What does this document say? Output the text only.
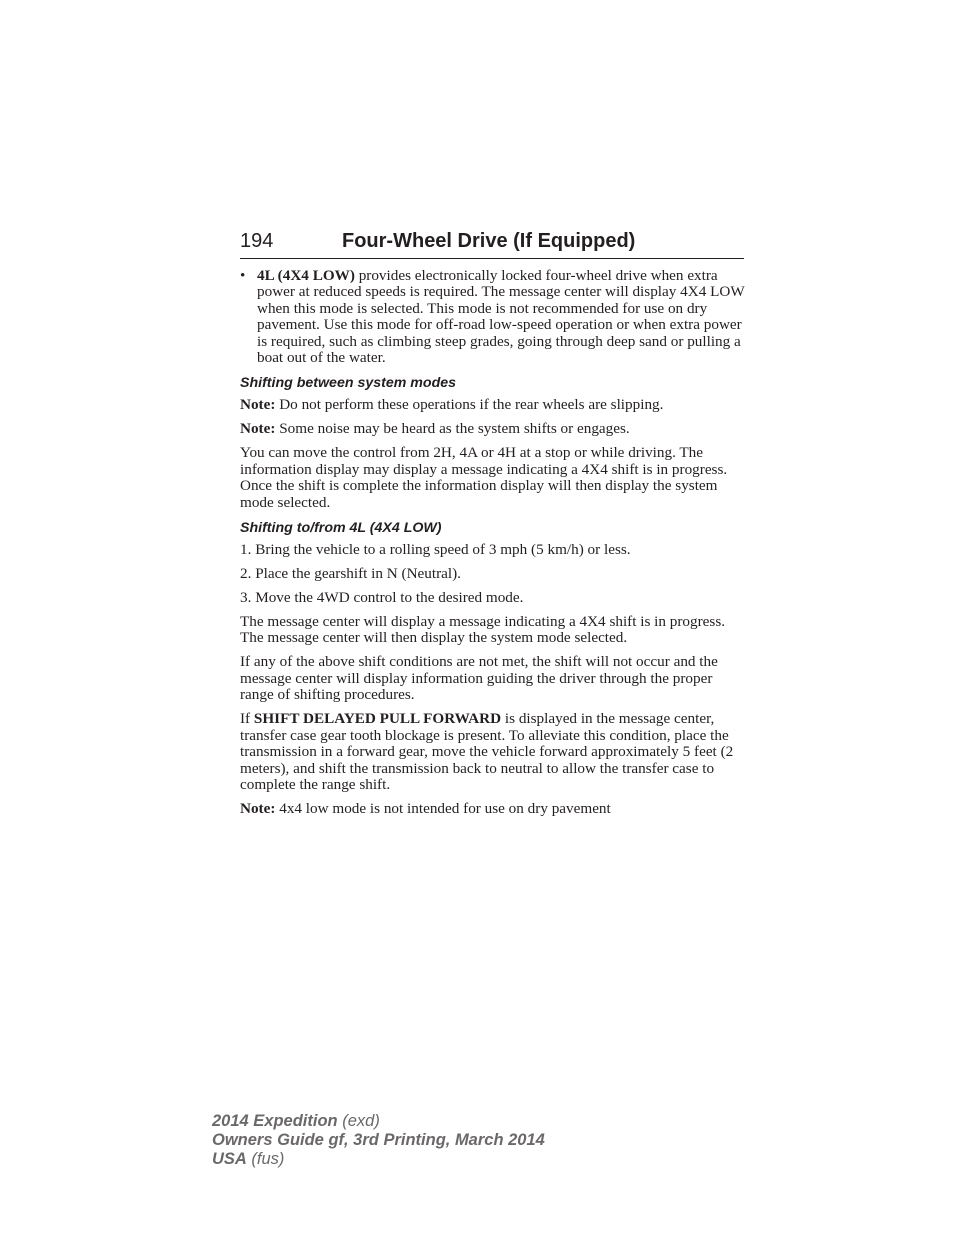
194	Four-Wheel Drive (If Equipped)
• 4L (4X4 LOW) provides electronically locked four-wheel drive when extra power at reduced speeds is required. The message center will display 4X4 LOW when this mode is selected. This mode is not recommended for use on dry pavement. Use this mode for off-road low-speed operation or when extra power is required, such as climbing steep grades, going through deep sand or pulling a boat out of the water.
Shifting between system modes

Note: Do not perform these operations if the rear wheels are slipping.

Note: Some noise may be heard as the system shifts or engages.

You can move the control from 2H, 4A or 4H at a stop or while driving. The information display may display a message indicating a 4X4 shift is in progress. Once the shift is complete the information display will then display the system mode selected.

Shifting to/from 4L (4X4 LOW)

1. Bring the vehicle to a rolling speed of 3 mph (5 km/h) or less.

2. Place the gearshift in N (Neutral).

3. Move the 4WD control to the desired mode.

The message center will display a message indicating a 4X4 shift is in progress. The message center will then display the system mode selected.

If any of the above shift conditions are not met, the shift will not occur and the message center will display information guiding the driver through the proper range of shifting procedures.

If SHIFT DELAYED PULL FORWARD is displayed in the message center, transfer case gear tooth blockage is present. To alleviate this condition, place the transmission in a forward gear, move the vehicle forward approximately 5 feet (2 meters), and shift the transmission back to neutral to allow the transfer case to complete the range shift.

Note: 4x4 low mode is not intended for use on dry pavement

2014 Expedition (exd)
Owners Guide gf, 3rd Printing, March 2014
USA (fus)
